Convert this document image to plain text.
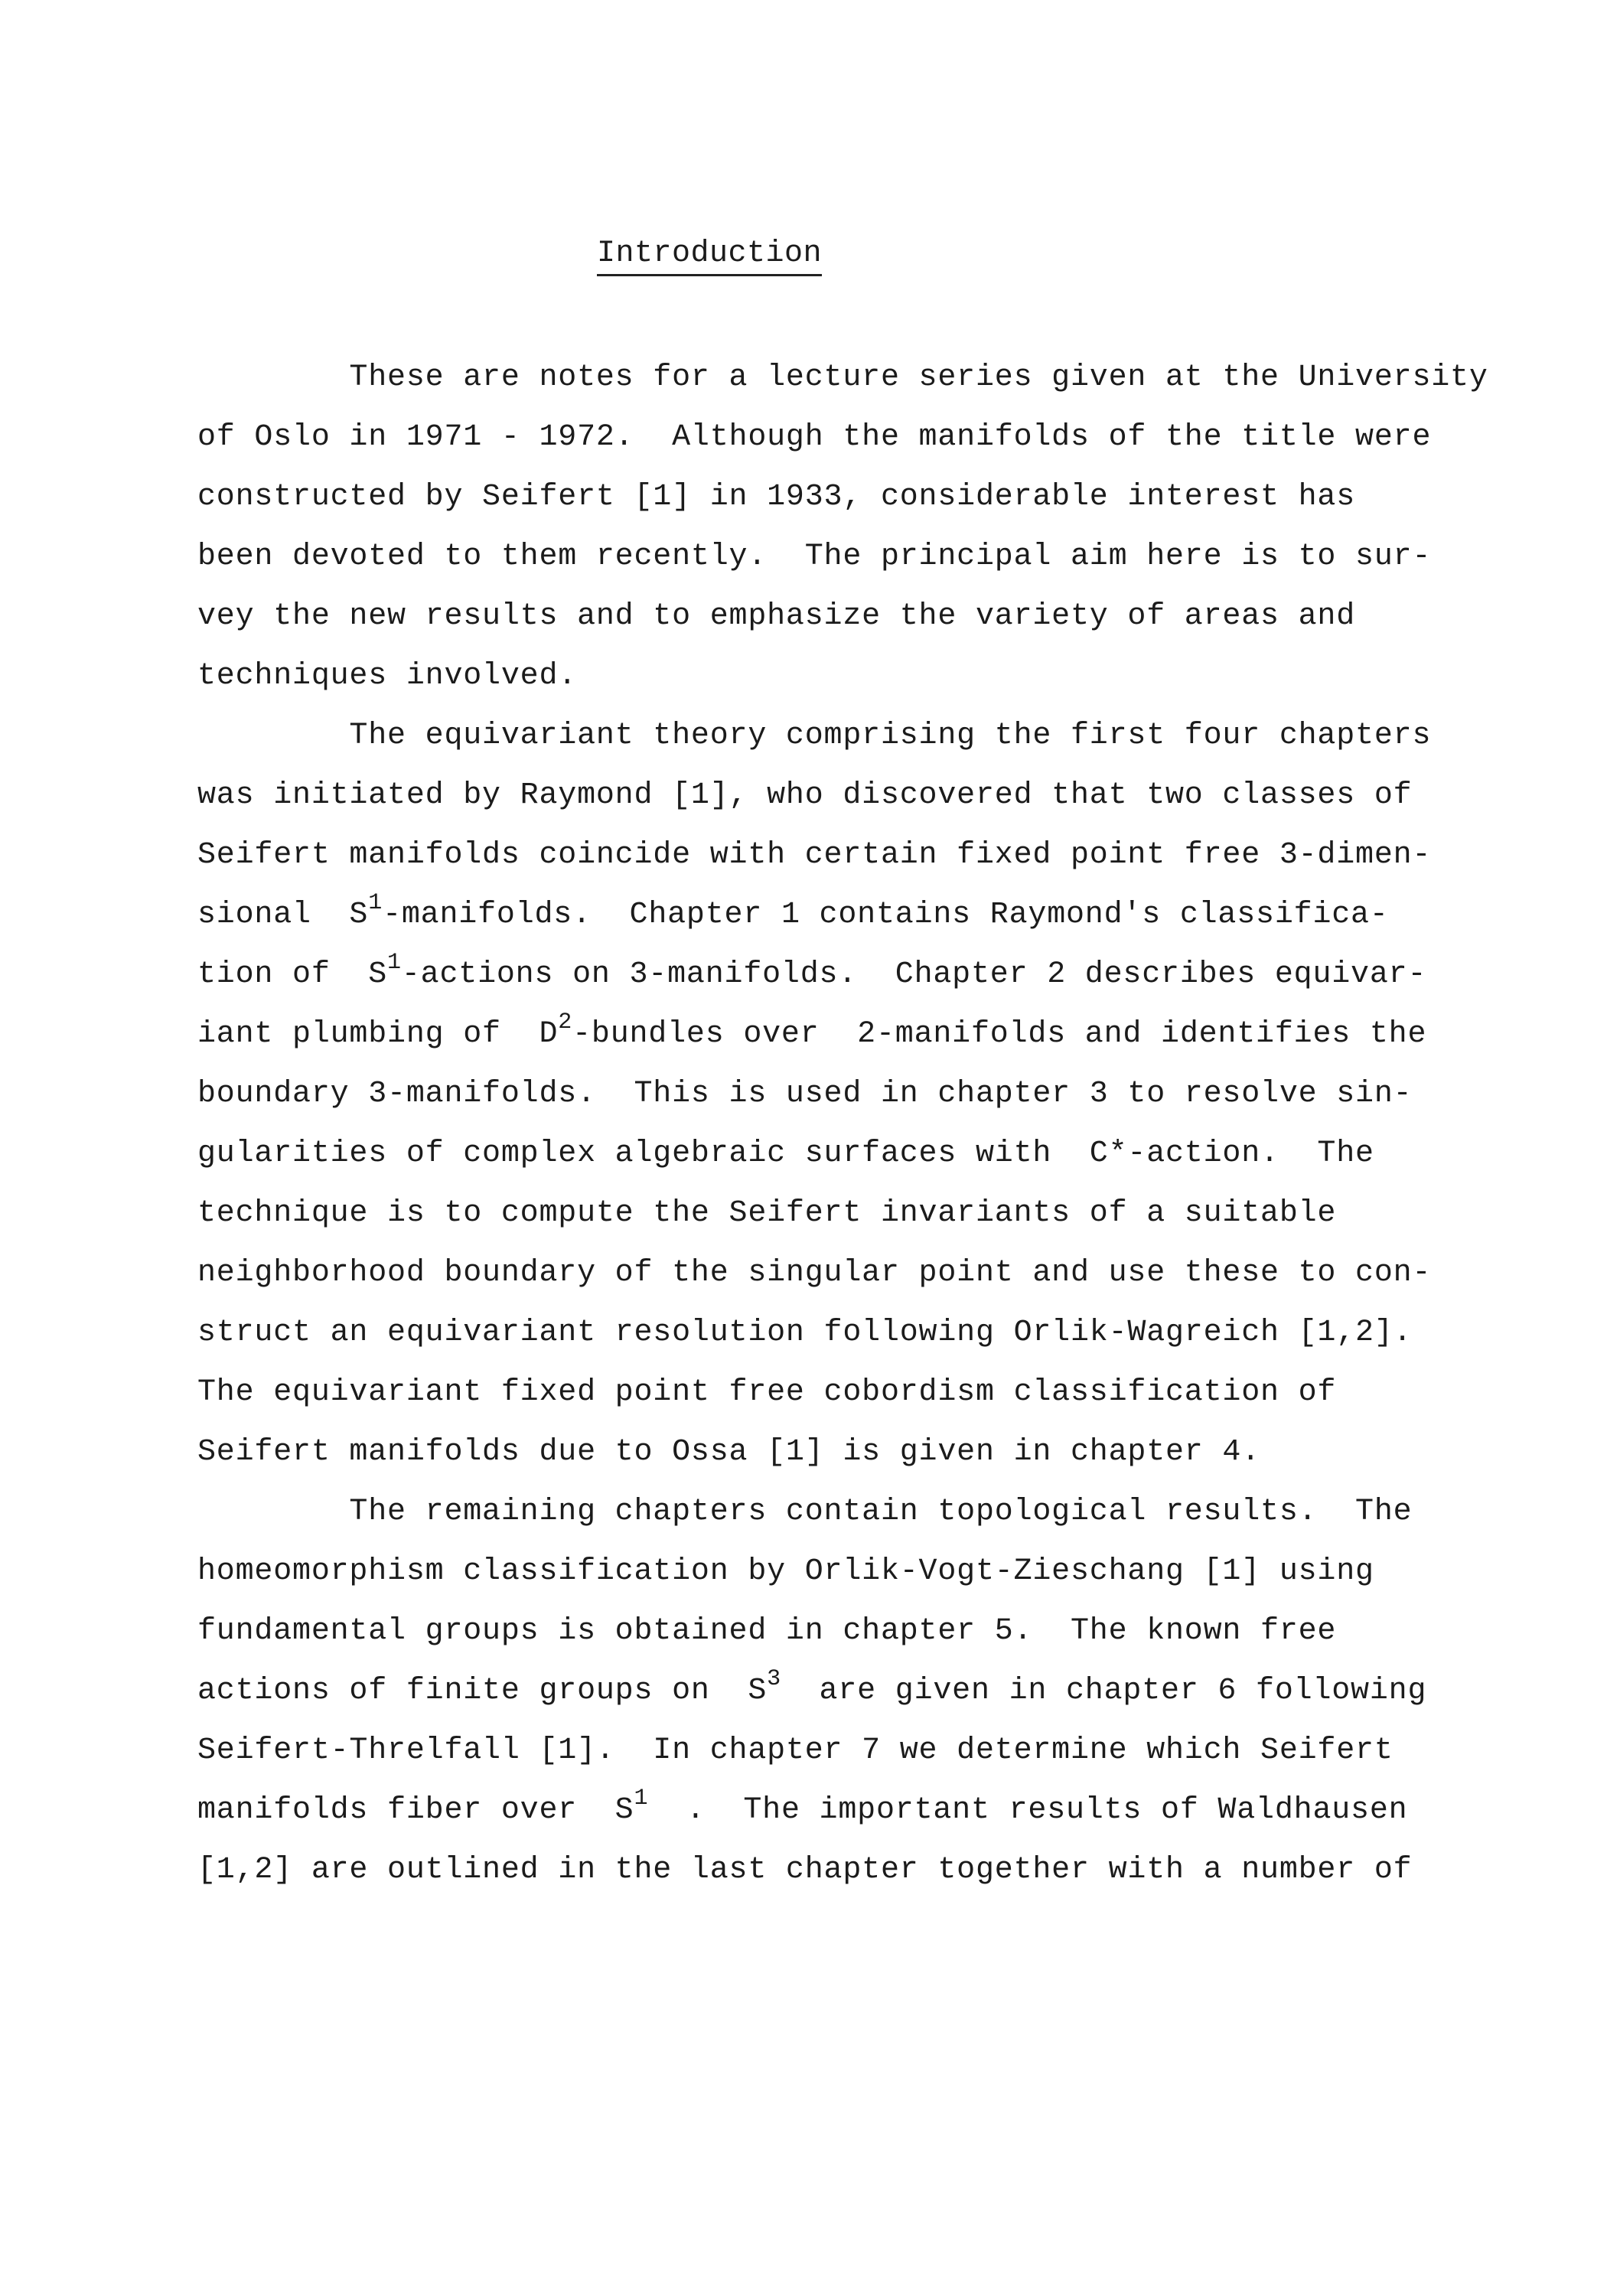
Introduction
These are notes for a lecture series given at the University
of Oslo in 1971 - 1972.  Although the manifolds of the title were
constructed by Seifert [1] in 1933, considerable interest has
been devoted to them recently.  The principal aim here is to sur-
vey the new results and to emphasize the variety of areas and
techniques involved.
The equivariant theory comprising the first four chapters
was initiated by Raymond [1], who discovered that two classes of
Seifert manifolds coincide with certain fixed point free 3-dimen-
sional  $S^1$-manifolds.  Chapter 1 contains Raymond's classifica-
tion of  $S^1$-actions on 3-manifolds.  Chapter 2 describes equivar-
iant plumbing of  $D^2$-bundles over  2-manifolds and identifies the
boundary 3-manifolds.  This is used in chapter 3 to resolve sin-
gularities of complex algebraic surfaces with  C*-action.  The
technique is to compute the Seifert invariants of a suitable
neighborhood boundary of the singular point and use these to con-
struct an equivariant resolution following Orlik-Wagreich [1,2].
The equivariant fixed point free cobordism classification of
Seifert manifolds due to Ossa [1] is given in chapter 4.
The remaining chapters contain topological results.  The
homeomorphism classification by Orlik-Vogt-Zieschang [1] using
fundamental groups is obtained in chapter 5.  The known free
actions of finite groups on  $S^3$  are given in chapter 6 following
Seifert-Threlfall [1].  In chapter 7 we determine which Seifert
manifolds fiber over  $S^1$  .  The important results of Waldhausen
[1,2] are outlined in the last chapter together with a number of
